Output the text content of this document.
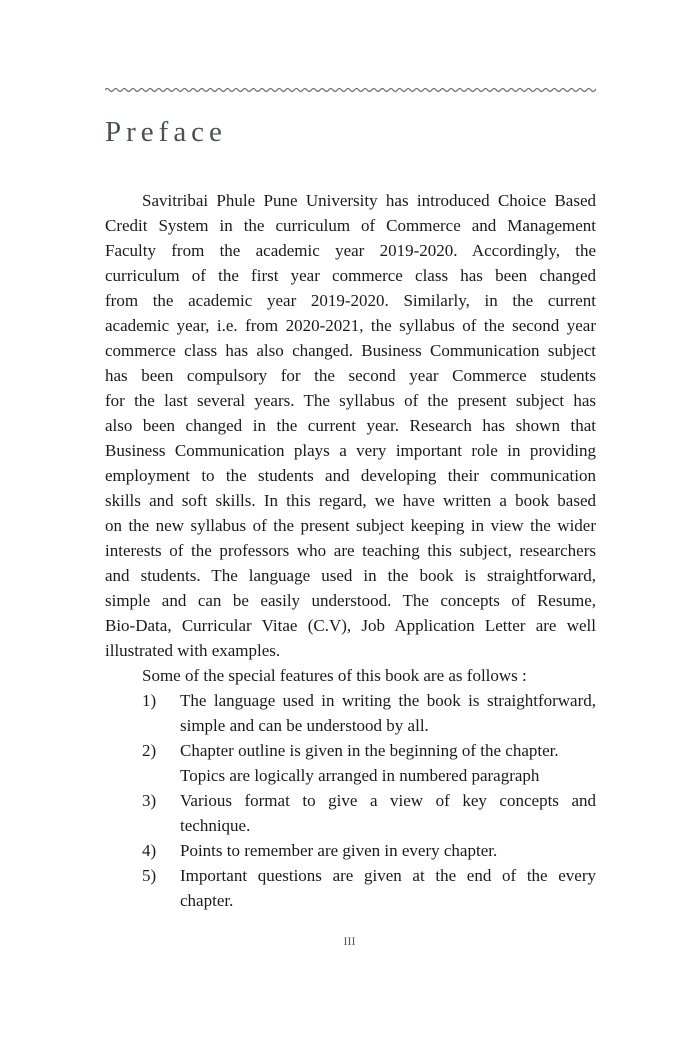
Preface
Savitribai Phule Pune University has introduced Choice Based
Credit System in the curriculum of Commerce and Management
Faculty from the academic year 2019-2020. Accordingly, the
curriculum of the first year commerce class has been changed
from the academic year 2019-2020. Similarly, in the current
academic year, i.e. from 2020-2021, the syllabus of the second year
commerce class has also changed. Business Communication subject
has been compulsory for the second year Commerce students
for the last several years. The syllabus of the present subject has
also been changed in the current year. Research has shown that
Business Communication plays a very important role in providing
employment to the students and developing their communication
skills and soft skills. In this regard, we have written a book based
on the new syllabus of the present subject keeping in view the wider
interests of the professors who are teaching this subject, researchers
and students. The language used in the book is straightforward,
simple and can be easily understood. The concepts of Resume,
Bio-Data, Curricular Vitae (C.V), Job Application Letter are well
illustrated with examples.
Some of the special features of this book are as follows :
1)	The language used in writing the book is straightforward,
simple and can be understood by all.
2)	Chapter outline is given in the beginning of the chapter.
Topics are logically arranged in numbered paragraph
3)	Various format to give a view of key concepts and
technique.
4)	Points to remember are given in every chapter.
5)	Important questions are given at the end of the every
chapter.
III
